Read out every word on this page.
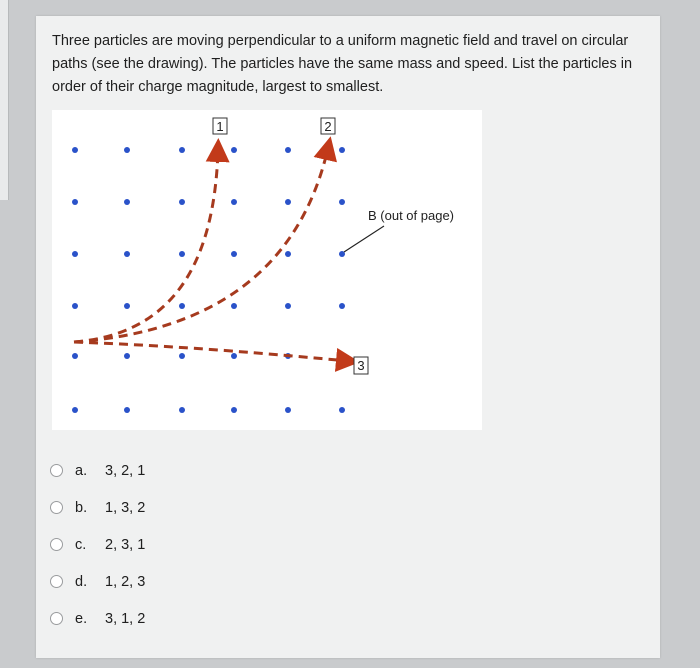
Three particles are moving perpendicular to a uniform magnetic field and travel on circular paths (see the drawing). The particles have the same mass and speed. List the particles in order of their charge magnitude, largest to smallest.

1	2
3
B (out of page)
a.	3, 2, 1
b.	1, 3, 2
c.	2, 3, 1
d.	1, 2, 3
e.	3, 1, 2
